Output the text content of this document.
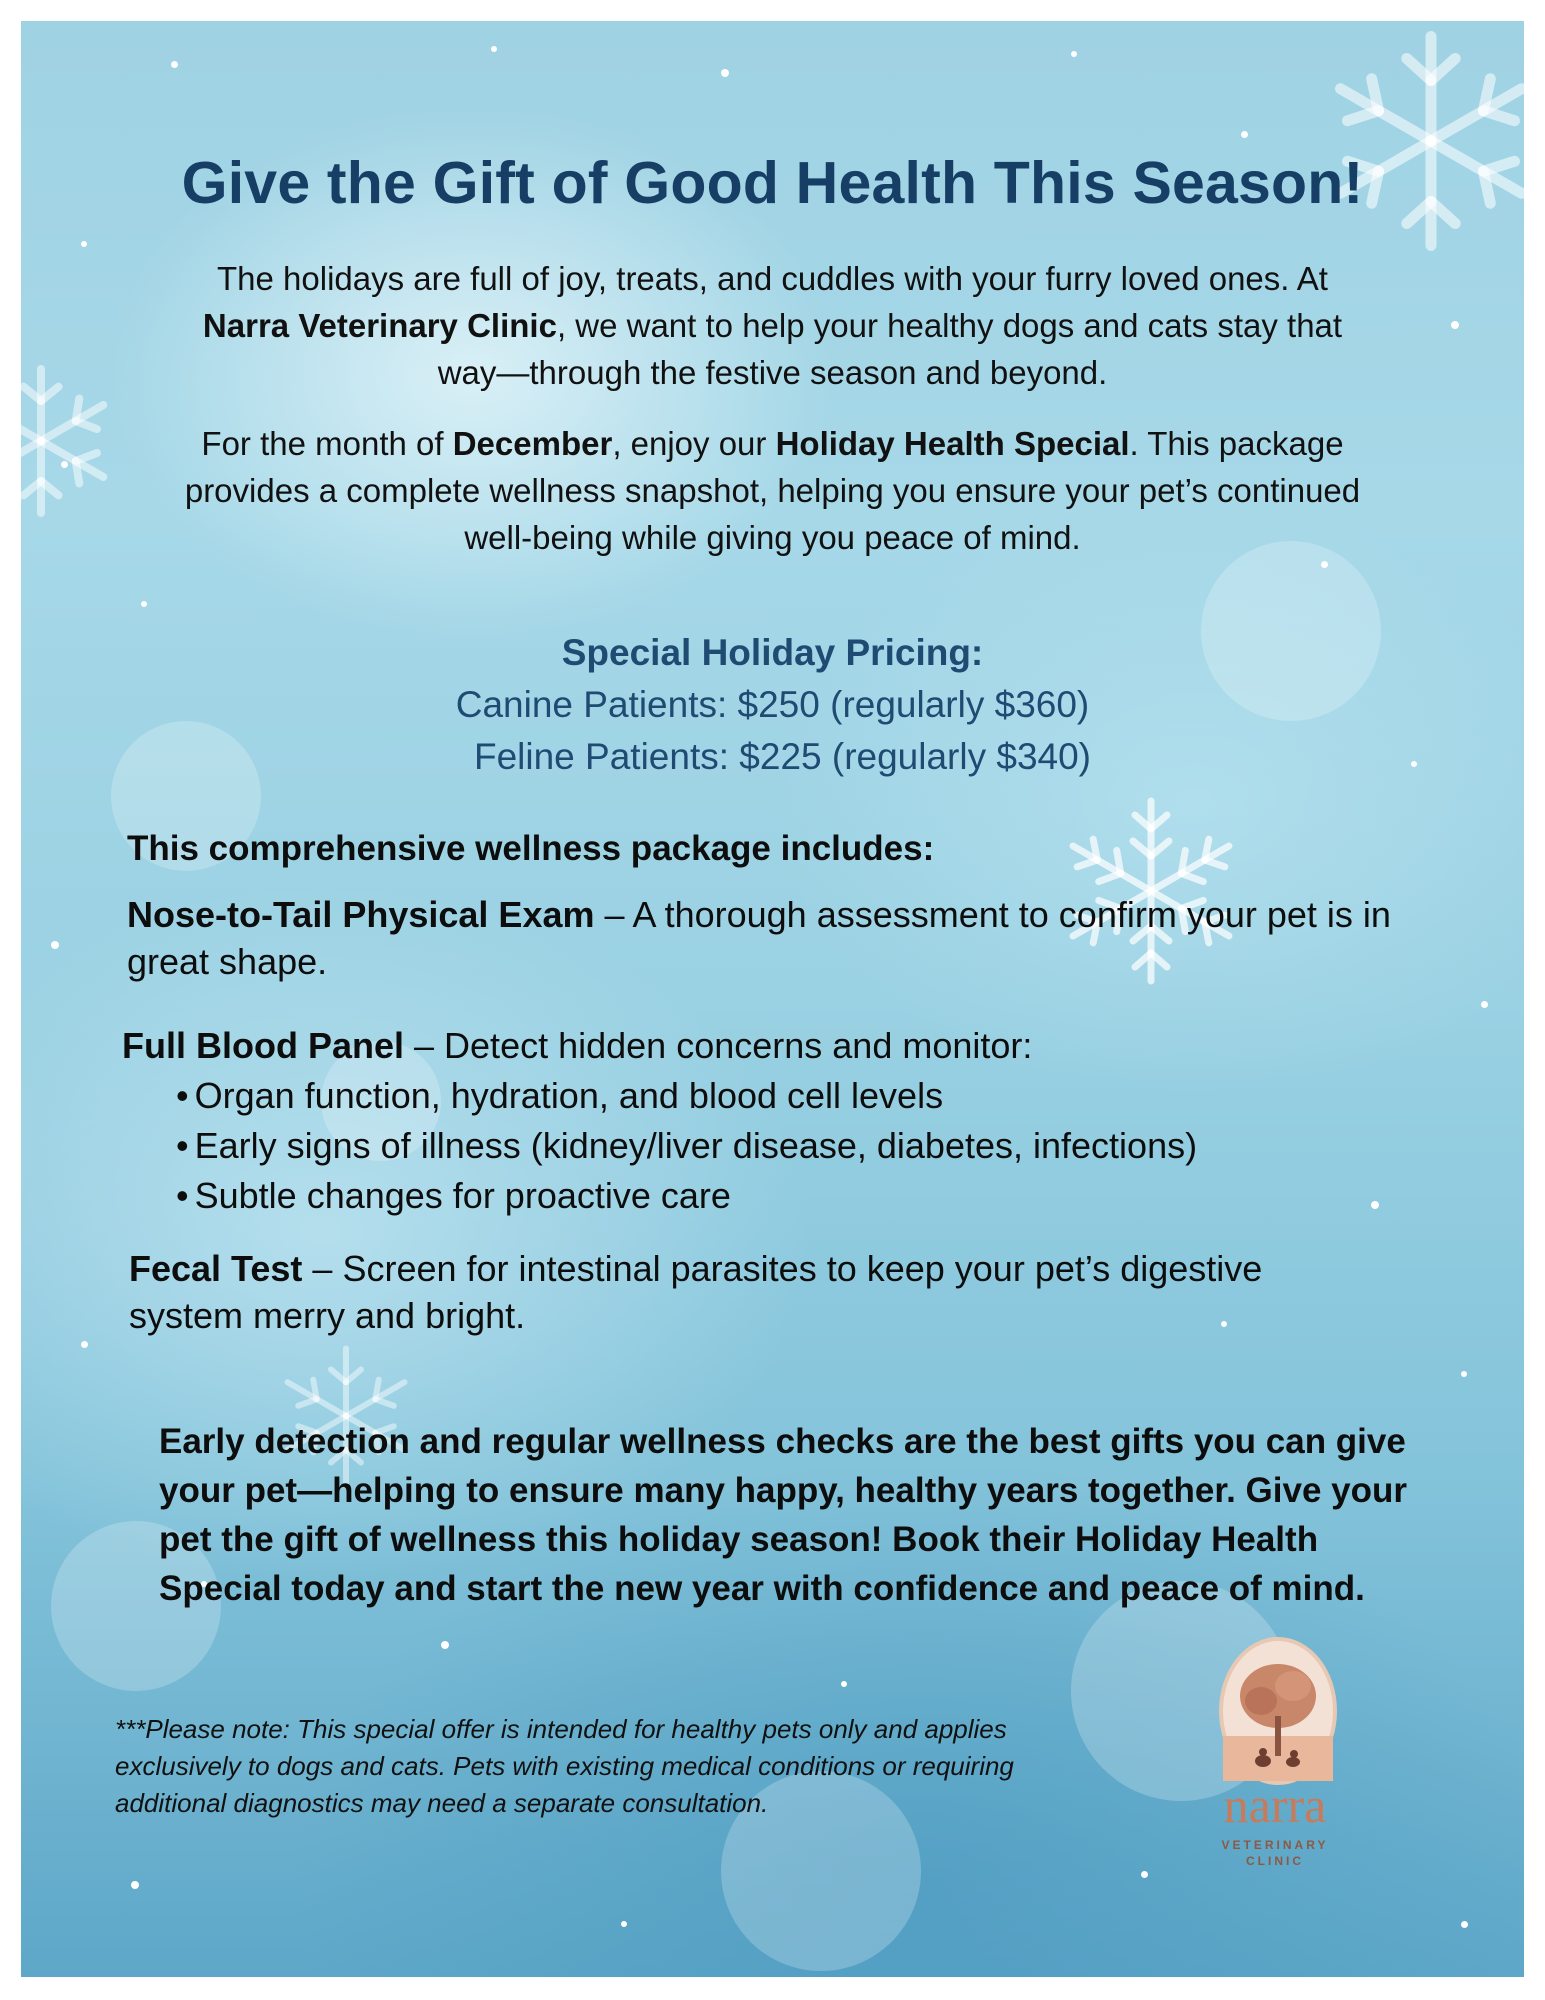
Give the Gift of Good Health This Season!

The holidays are full of joy, treats, and cuddles with your furry loved ones. At Narra Veterinary Clinic, we want to help your healthy dogs and cats stay that way—through the festive season and beyond.

For the month of December, enjoy our Holiday Health Special. This package provides a complete wellness snapshot, helping you ensure your pet’s continued well-being while giving you peace of mind.

Special Holiday Pricing:
Canine Patients: $250 (regularly $360)
Feline Patients: $225 (regularly $340)

This comprehensive wellness package includes:

Nose-to-Tail Physical Exam – A thorough assessment to confirm your pet is in great shape.

Full Blood Panel – Detect hidden concerns and monitor:

• Organ function, hydration, and blood cell levels
• Early signs of illness (kidney/liver disease, diabetes, infections)
• Subtle changes for proactive care

Fecal Test – Screen for intestinal parasites to keep your pet’s digestive system merry and bright.

Early detection and regular wellness checks are the best gifts you can give your pet—helping to ensure many happy, healthy years together. Give your pet the gift of wellness this holiday season! Book their Holiday Health Special today and start the new year with confidence and peace of mind.

***Please note: This special offer is intended for healthy pets only and applies exclusively to dogs and cats. Pets with existing medical conditions or requiring additional diagnostics may need a separate consultation.	narra
VETERINARY
CLINIC
